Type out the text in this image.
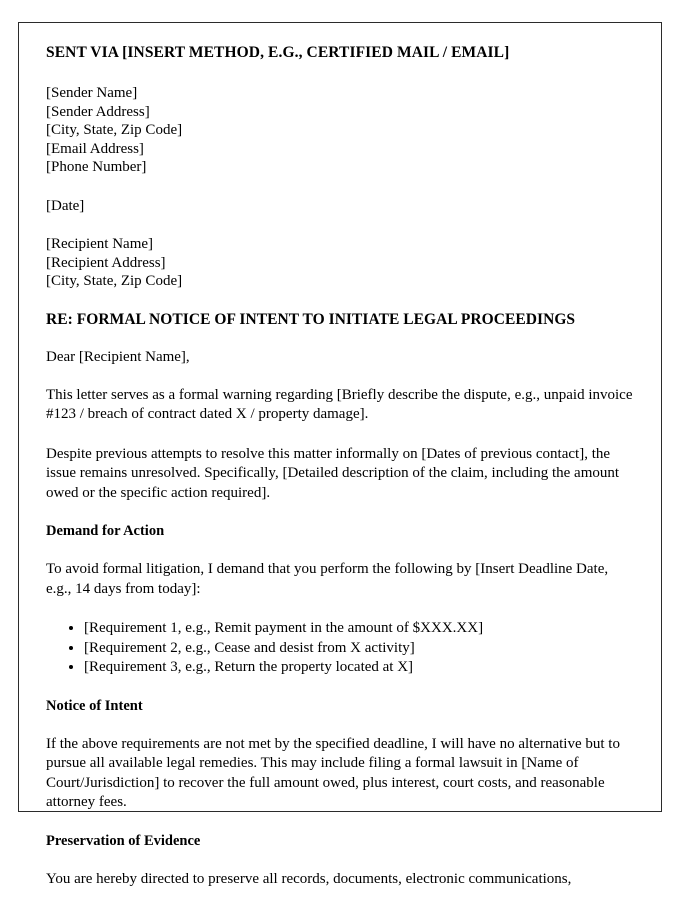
SENT VIA [INSERT METHOD, E.G., CERTIFIED MAIL / EMAIL]
[Sender Name]
[Sender Address]
[City, State, Zip Code]
[Email Address]
[Phone Number]
[Date]
[Recipient Name]
[Recipient Address]
[City, State, Zip Code]
RE: FORMAL NOTICE OF INTENT TO INITIATE LEGAL PROCEEDINGS
Dear [Recipient Name],

This letter serves as a formal warning regarding [Briefly describe the dispute, e.g., unpaid invoice #123 / breach of contract dated X / property damage].

Despite previous attempts to resolve this matter informally on [Dates of previous contact], the issue remains unresolved. Specifically, [Detailed description of the claim, including the amount owed or the specific action required].

Demand for Action

To avoid formal litigation, I demand that you perform the following by [Insert Deadline Date, e.g., 14 days from today]:

• [Requirement 1, e.g., Remit payment in the amount of $XXX.XX]
• [Requirement 2, e.g., Cease and desist from X activity]
• [Requirement 3, e.g., Return the property located at X]
Notice of Intent

If the above requirements are not met by the specified deadline, I will have no alternative but to pursue all available legal remedies. This may include filing a formal lawsuit in [Name of Court/Jurisdiction] to recover the full amount owed, plus interest, court costs, and reasonable attorney fees.

Preservation of Evidence

You are hereby directed to preserve all records, documents, electronic communications,
